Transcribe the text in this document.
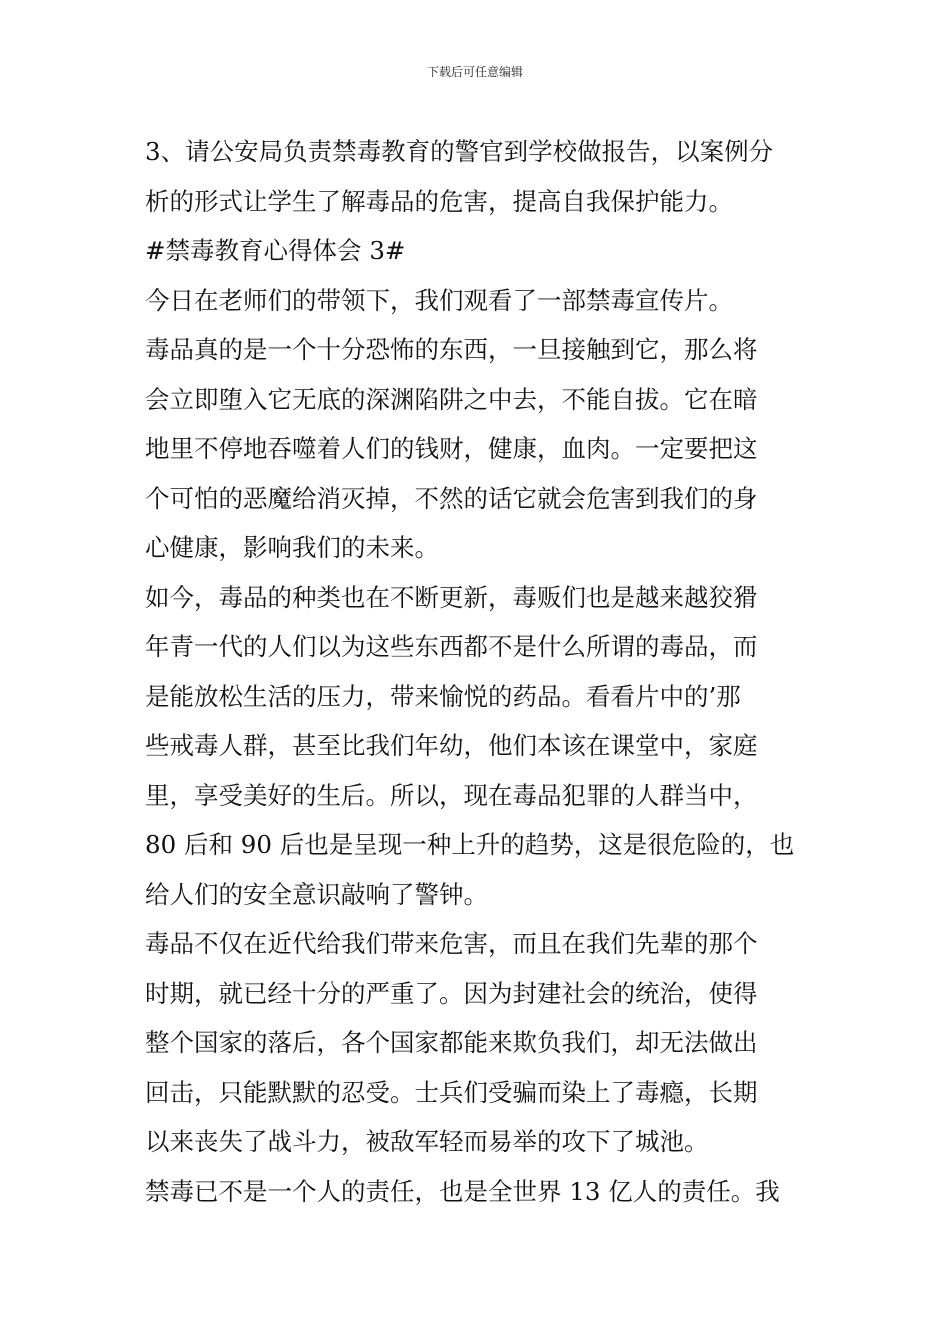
下载后可任意编辑
3、请公安局负责禁毒教育的警官到学校做报告，以案例分
析的形式让学生了解毒品的危害，提高自我保护能力。
#禁毒教育心得体会 3#
今日在老师们的带领下，我们观看了一部禁毒宣传片。
毒品真的是一个十分恐怖的东西，一旦接触到它，那么将
会立即堕入它无底的深渊陷阱之中去，不能自拔。它在暗
地里不停地吞噬着人们的钱财，健康，血肉。一定要把这
个可怕的恶魔给消灭掉，不然的话它就会危害到我们的身
心健康，影响我们的未来。
如今，毒品的种类也在不断更新，毒贩们也是越来越狡猾
年青一代的人们以为这些东西都不是什么所谓的毒品，而
是能放松生活的压力，带来愉悦的药品。看看片中的’那
些戒毒人群，甚至比我们年幼，他们本该在课堂中，家庭
里，享受美好的生后。所以，现在毒品犯罪的人群当中，
80 后和 90 后也是呈现一种上升的趋势，这是很危险的，也
给人们的安全意识敲响了警钟。
毒品不仅在近代给我们带来危害，而且在我们先辈的那个
时期，就已经十分的严重了。因为封建社会的统治，使得
整个国家的落后，各个国家都能来欺负我们，却无法做出
回击，只能默默的忍受。士兵们受骗而染上了毒瘾，长期
以来丧失了战斗力，被敌军轻而易举的攻下了城池。
禁毒已不是一个人的责任，也是全世界 13 亿人的责任。我
